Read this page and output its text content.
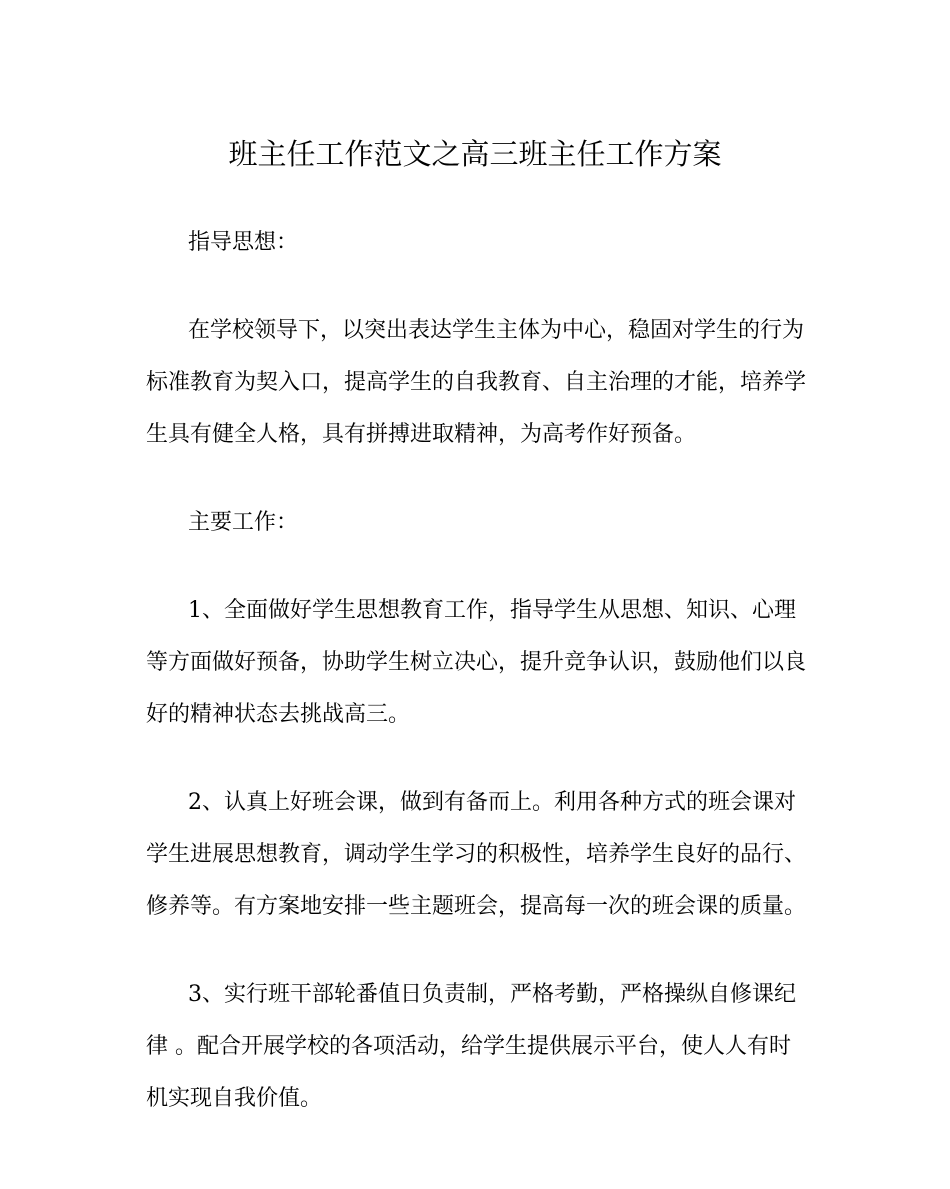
班主任工作范文之高三班主任工作方案

指导思想：

在学校领导下，以突出表达学生主体为中心，稳固对学生的行为标准教育为契入口，提高学生的自我教育、自主治理的才能，培养学生具有健全人格，具有拼搏进取精神，为高考作好预备。

主要工作：

1、全面做好学生思想教育工作，指导学生从思想、知识、心理等方面做好预备，协助学生树立决心，提升竞争认识，鼓励他们以良好的精神状态去挑战高三。

2、认真上好班会课，做到有备而上。利用各种方式的班会课对学生进展思想教育，调动学生学习的积极性，培养学生良好的品行、修养等。有方案地安排一些主题班会，提高每一次的班会课的质量。

3、实行班干部轮番值日负责制，严格考勤，严格操纵自修课纪律 。配合开展学校的各项活动，给学生提供展示平台，使人人有时机实现自我价值。
